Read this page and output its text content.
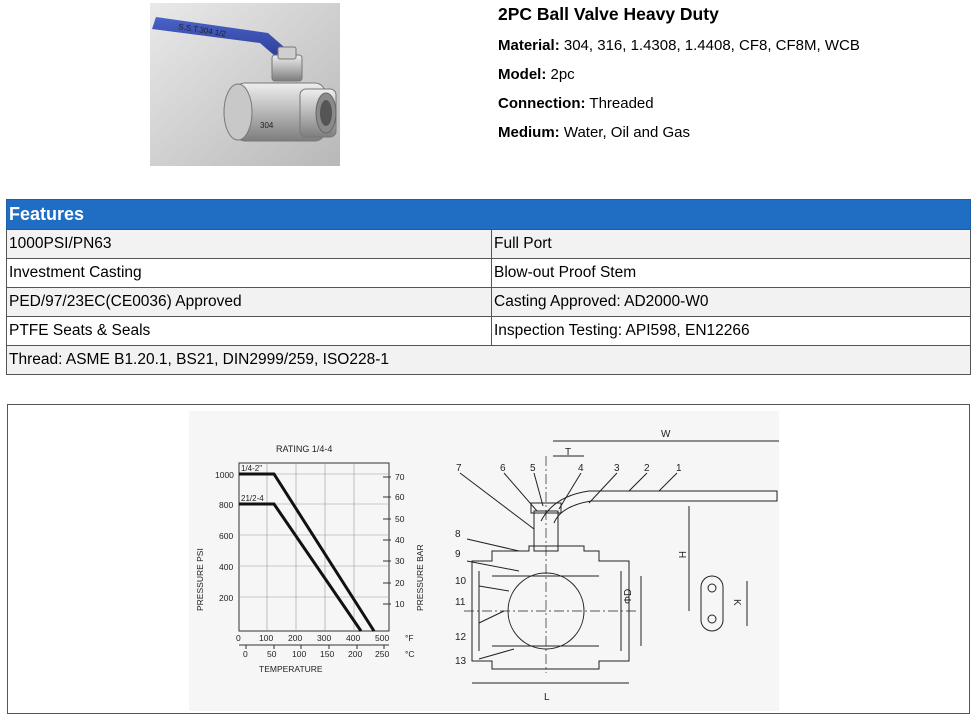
S.S.T.304 1/2
304
2PC Ball Valve Heavy Duty
Material: 304, 316, 1.4308, 1.4408, CF8, CF8M, WCB
Model: 2pc
Connection: Threaded
Medium: Water, Oil and Gas
Features	
1000PSI/PN63	Full Port
Investment Casting	Blow-out Proof Stem
PED/97/23EC(CE0036) Approved	Casting Approved: AD2000-W0
PTFE Seats & Seals	Inspection Testing: API598, EN12266
Thread: ASME B1.20.1, BS21, DIN2999/259, ISO228-1	
RATING 1/4-4
1/4-2"
21/2-4
1000
800
600
400
200
PRESSURE PSI
70
60
50
40
30
20
10 PRESSURE BAR
0 100 200 300 400 500 °F
0 50 100 150 200 250 °C
TEMPERATURE
1
2
3
4
5
6
7
8
9
10
11
12
13
W
T
H
L
ΦD	K
